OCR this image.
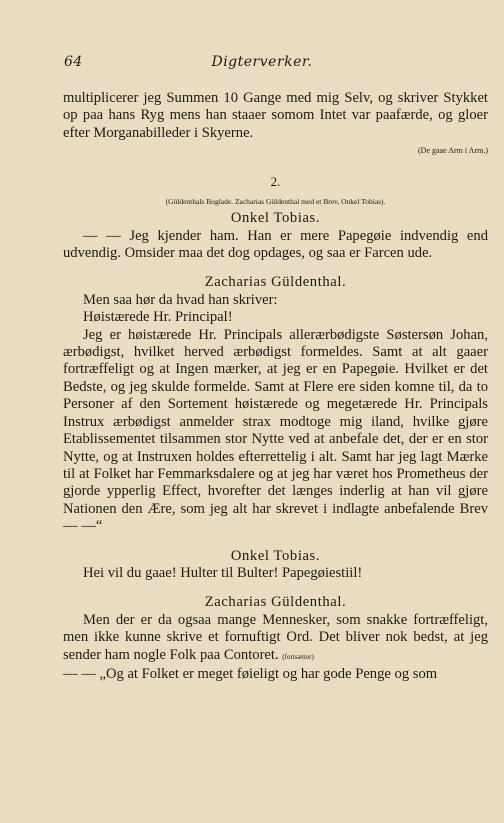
64	Digterverker.

multiplicerer jeg Summen 10 Gange med mig Selv, og skriver Stykket op paa hans Ryg mens han staaer somom Intet var paafærde, og gloer efter Morganabilleder i Skyerne.

(De gaae Arm i Arm.)

2.

(Güldenthals Boglade. Zacharias Güldenthal med et Brev, Onkel Tobias).

Onkel Tobias.

— — Jeg kjender ham. Han er mere Papegøie indvendig end udvendig. Omsider maa det dog opdages, og saa er Farcen ude.

Zacharias Güldenthal.

Men saa hør da hvad han skriver:

Høistærede Hr. Principal!

Jeg er høistærede Hr. Principals allerærbødigste Søstersøn Johan, ærbødigst, hvilket herved ærbødigst formeldes. Samt at alt gaaer fortræffeligt og at Ingen mærker, at jeg er en Papegøie. Hvilket er det Bedste, og jeg skulde formelde. Samt at Flere ere siden komne til, da to Personer af den Sortement høistærede og megetærede Hr. Principals Instrux ærbødigst anmelder strax modtoge mig iland, hvilke gjøre Etablissementet tilsammen stor Nytte ved at anbefale det, der er en stor Nytte, og at Instruxen holdes efterrettelig i alt. Samt har jeg lagt Mærke til at Folket har Femmarksdalere og at jeg har været hos Prometheus der gjorde ypperlig Effect, hvorefter det længes inderlig at han vil gjøre Nationen den Ære, som jeg alt har skrevet i indlagte anbefalende Brev — —“

Onkel Tobias.

Hei vil du gaae! Hulter til Bulter! Papegøiestiil!

Zacharias Güldenthal.

Men der er da ogsaa mange Mennesker, som snakke fortræffeligt, men ikke kunne skrive et fornuftigt Ord. Det bliver nok bedst, at jeg sender ham nogle Folk paa Contoret. (fortsætter)

— — „Og at Folket er meget føieligt og har gode Penge og som
